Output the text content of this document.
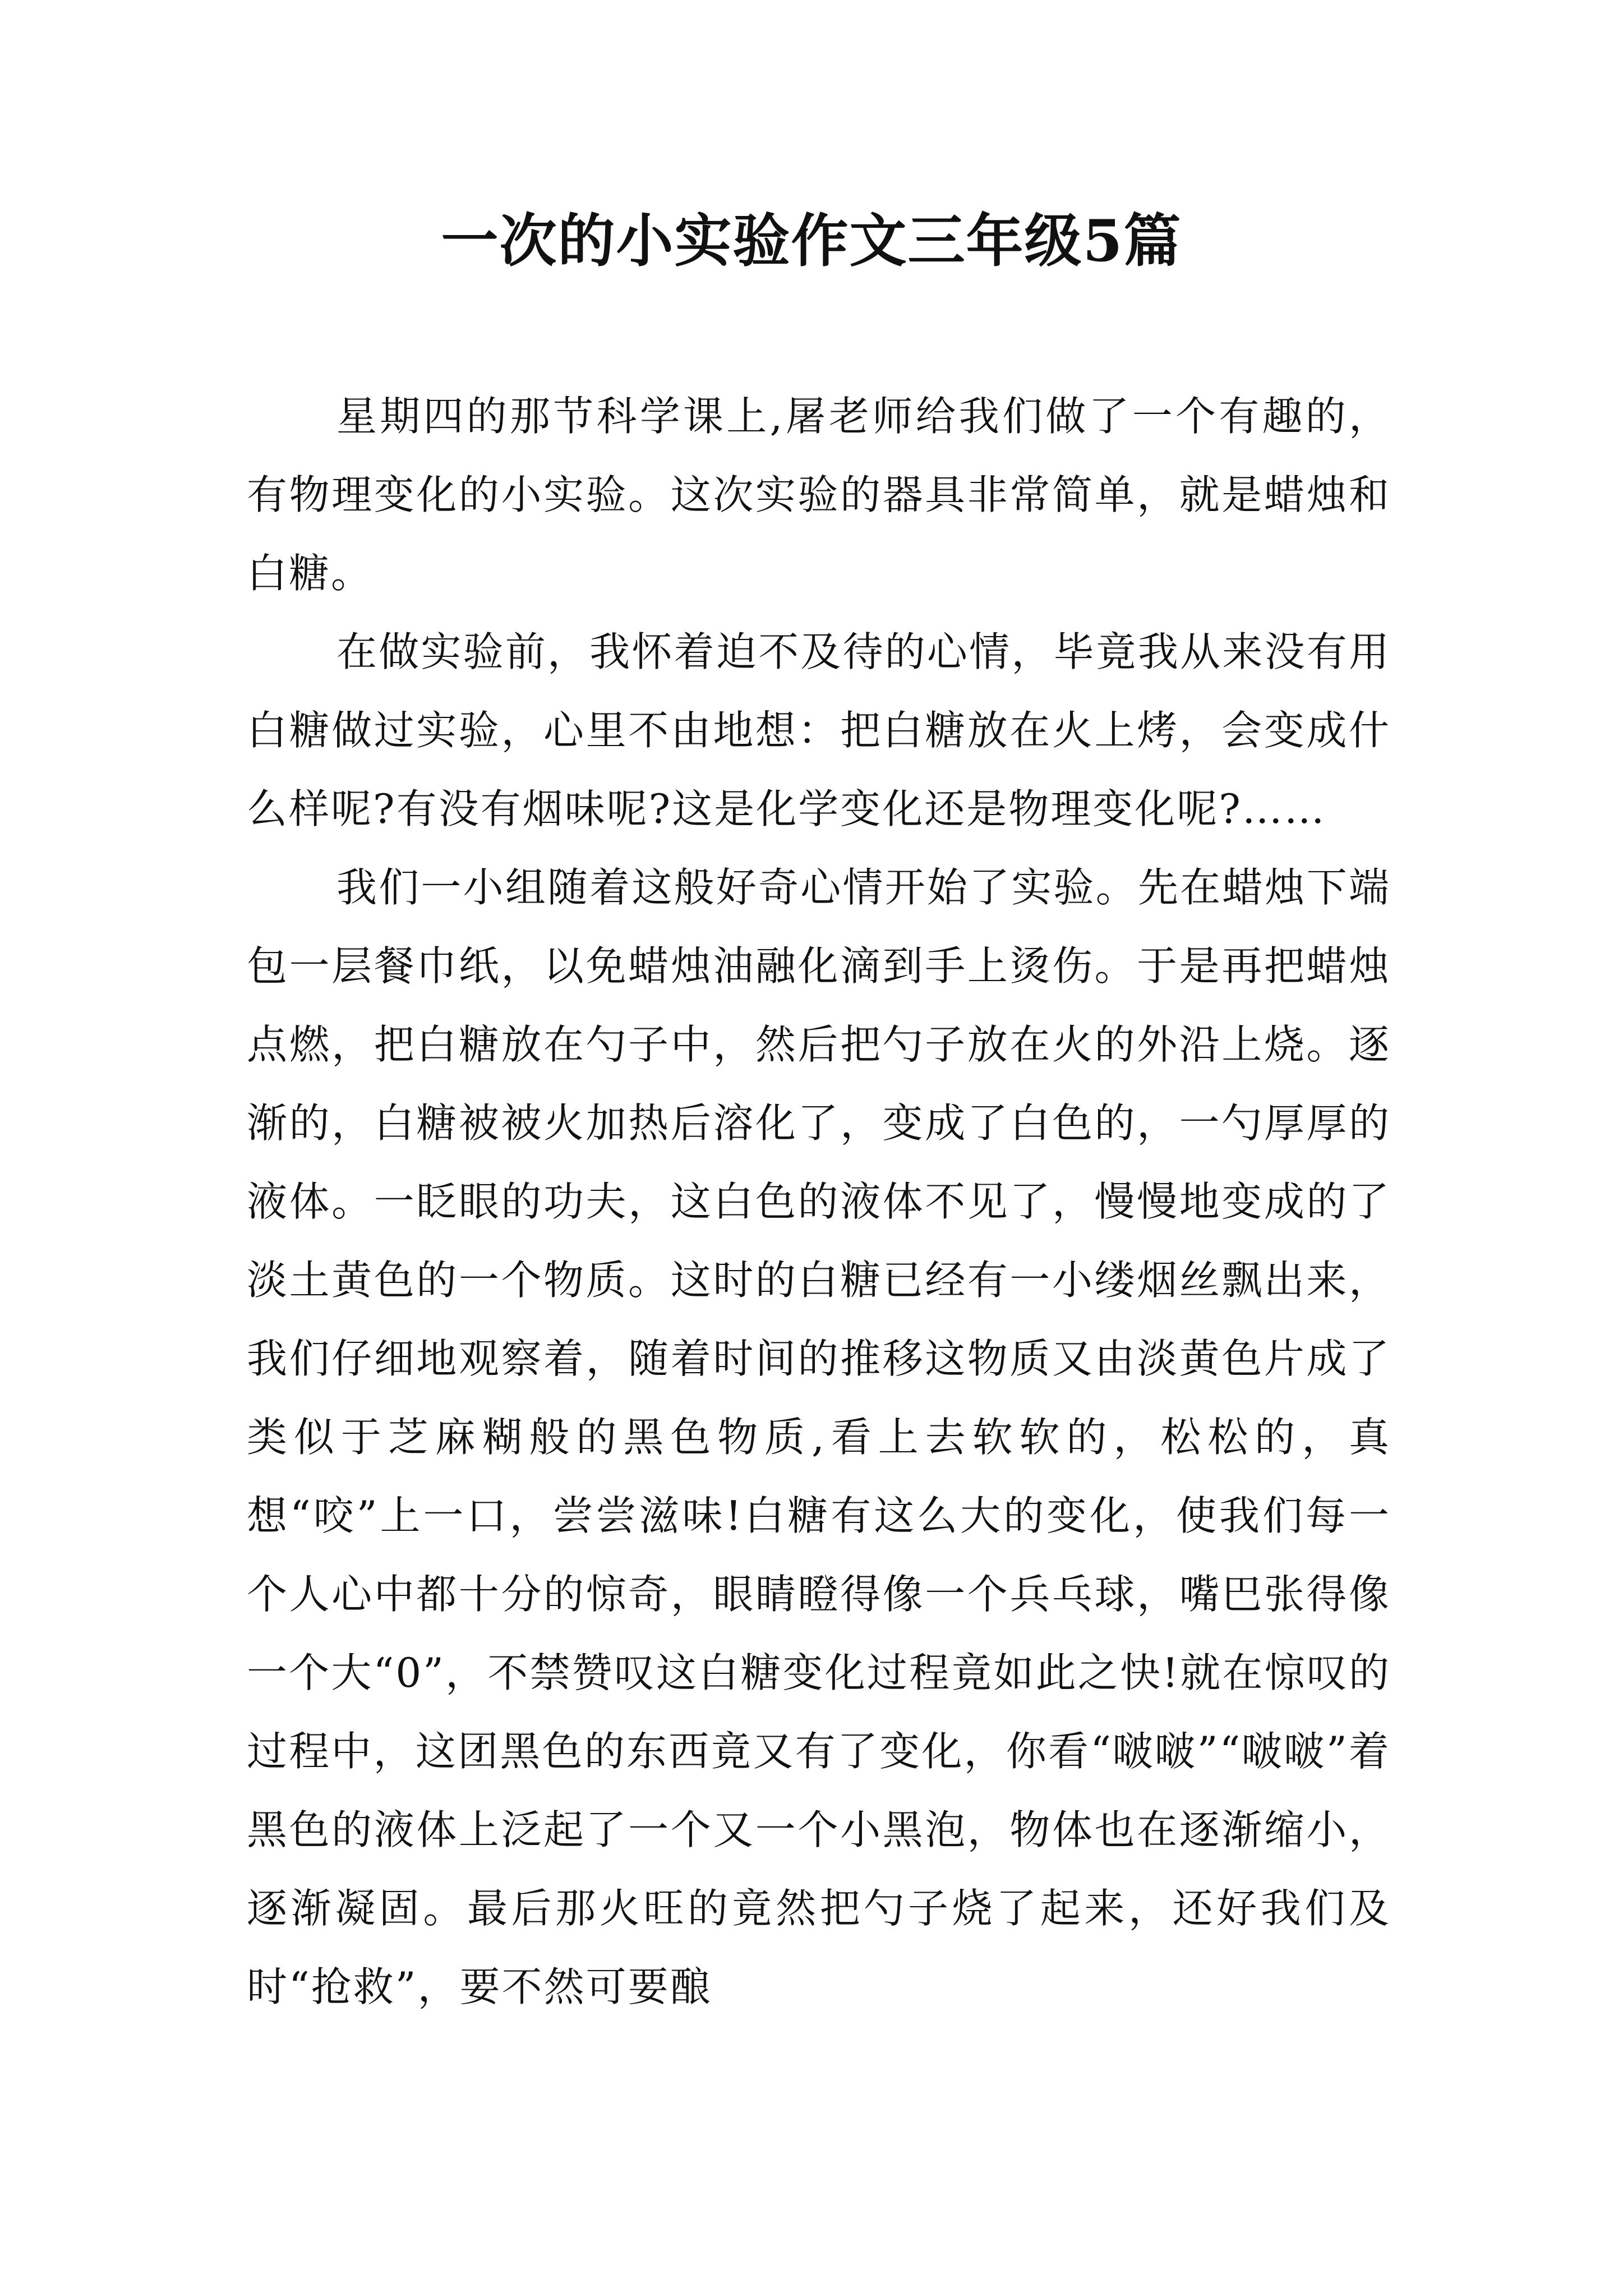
一次的小实验作文三年级5篇

星期四的那节科学课上,屠老师给我们做了一个有趣的，有物理变化的小实验。这次实验的器具非常简单，就是蜡烛和白糖。

在做实验前，我怀着迫不及待的心情，毕竟我从来没有用白糖做过实验，心里不由地想：把白糖放在火上烤，会变成什么样呢?有没有烟味呢?这是化学变化还是物理变化呢?……

我们一小组随着这般好奇心情开始了实验。先在蜡烛下端包一层餐巾纸，以免蜡烛油融化滴到手上烫伤。于是再把蜡烛点燃，把白糖放在勺子中，然后把勺子放在火的外沿上烧。逐渐的，白糖被被火加热后溶化了，变成了白色的，一勺厚厚的液体。一眨眼的功夫，这白色的液体不见了，慢慢地变成的了淡土黄色的一个物质。这时的白糖已经有一小缕烟丝飘出来，我们仔细地观察着，随着时间的推移这物质又由淡黄色片成了类似于芝麻糊般的黑色物质,看上去软软的，松松的，真想“咬”上一口，尝尝滋味!白糖有这么大的变化，使我们每一个人心中都十分的惊奇，眼睛瞪得像一个兵乓球，嘴巴张得像一个大“0”，不禁赞叹这白糖变化过程竟如此之快!就在惊叹的过程中，这团黑色的东西竟又有了变化，你看“啵啵”“啵啵”着黑色的液体上泛起了一个又一个小黑泡，物体也在逐渐缩小，逐渐凝固。最后那火旺的竟然把勺子烧了起来，还好我们及时“抢救”，要不然可要酿
